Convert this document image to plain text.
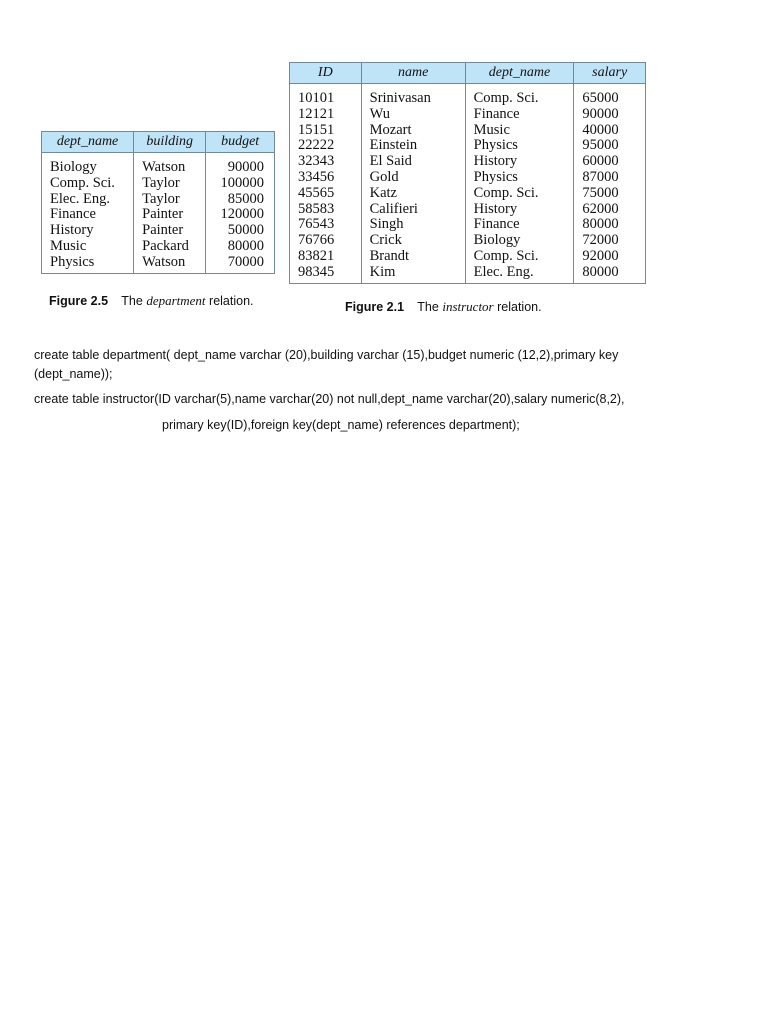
dept_name	building	budget

Biology	Watson	90000
Comp. Sci.	Taylor	100000
Elec. Eng.	Taylor	85000
Finance	Painter	120000
History	Painter	50000
Music	Packard	80000
Physics	Watson	70000
ID	name	dept_name	salary

10101	Srinivasan	Comp. Sci.	65000
12121	Wu	Finance	90000
15151	Mozart	Music	40000
22222	Einstein	Physics	95000
32343	El Said	History	60000
33456	Gold	Physics	87000
45565	Katz	Comp. Sci.	75000
58583	Califieri	History	62000
76543	Singh	Finance	80000
76766	Crick	Biology	72000
83821	Brandt	Comp. Sci.	92000
98345	Kim	Elec. Eng.	80000
Figure 2.5 The department relation.	Figure 2.1 The instructor relation.

create table department( dept_name varchar (20),building varchar (15),budget numeric (12,2),primary key (dept_name));

create table instructor(ID varchar(5),name varchar(20) not null,dept_name varchar(20),salary numeric(8,2),

primary key(ID),foreign key(dept_name) references department);
